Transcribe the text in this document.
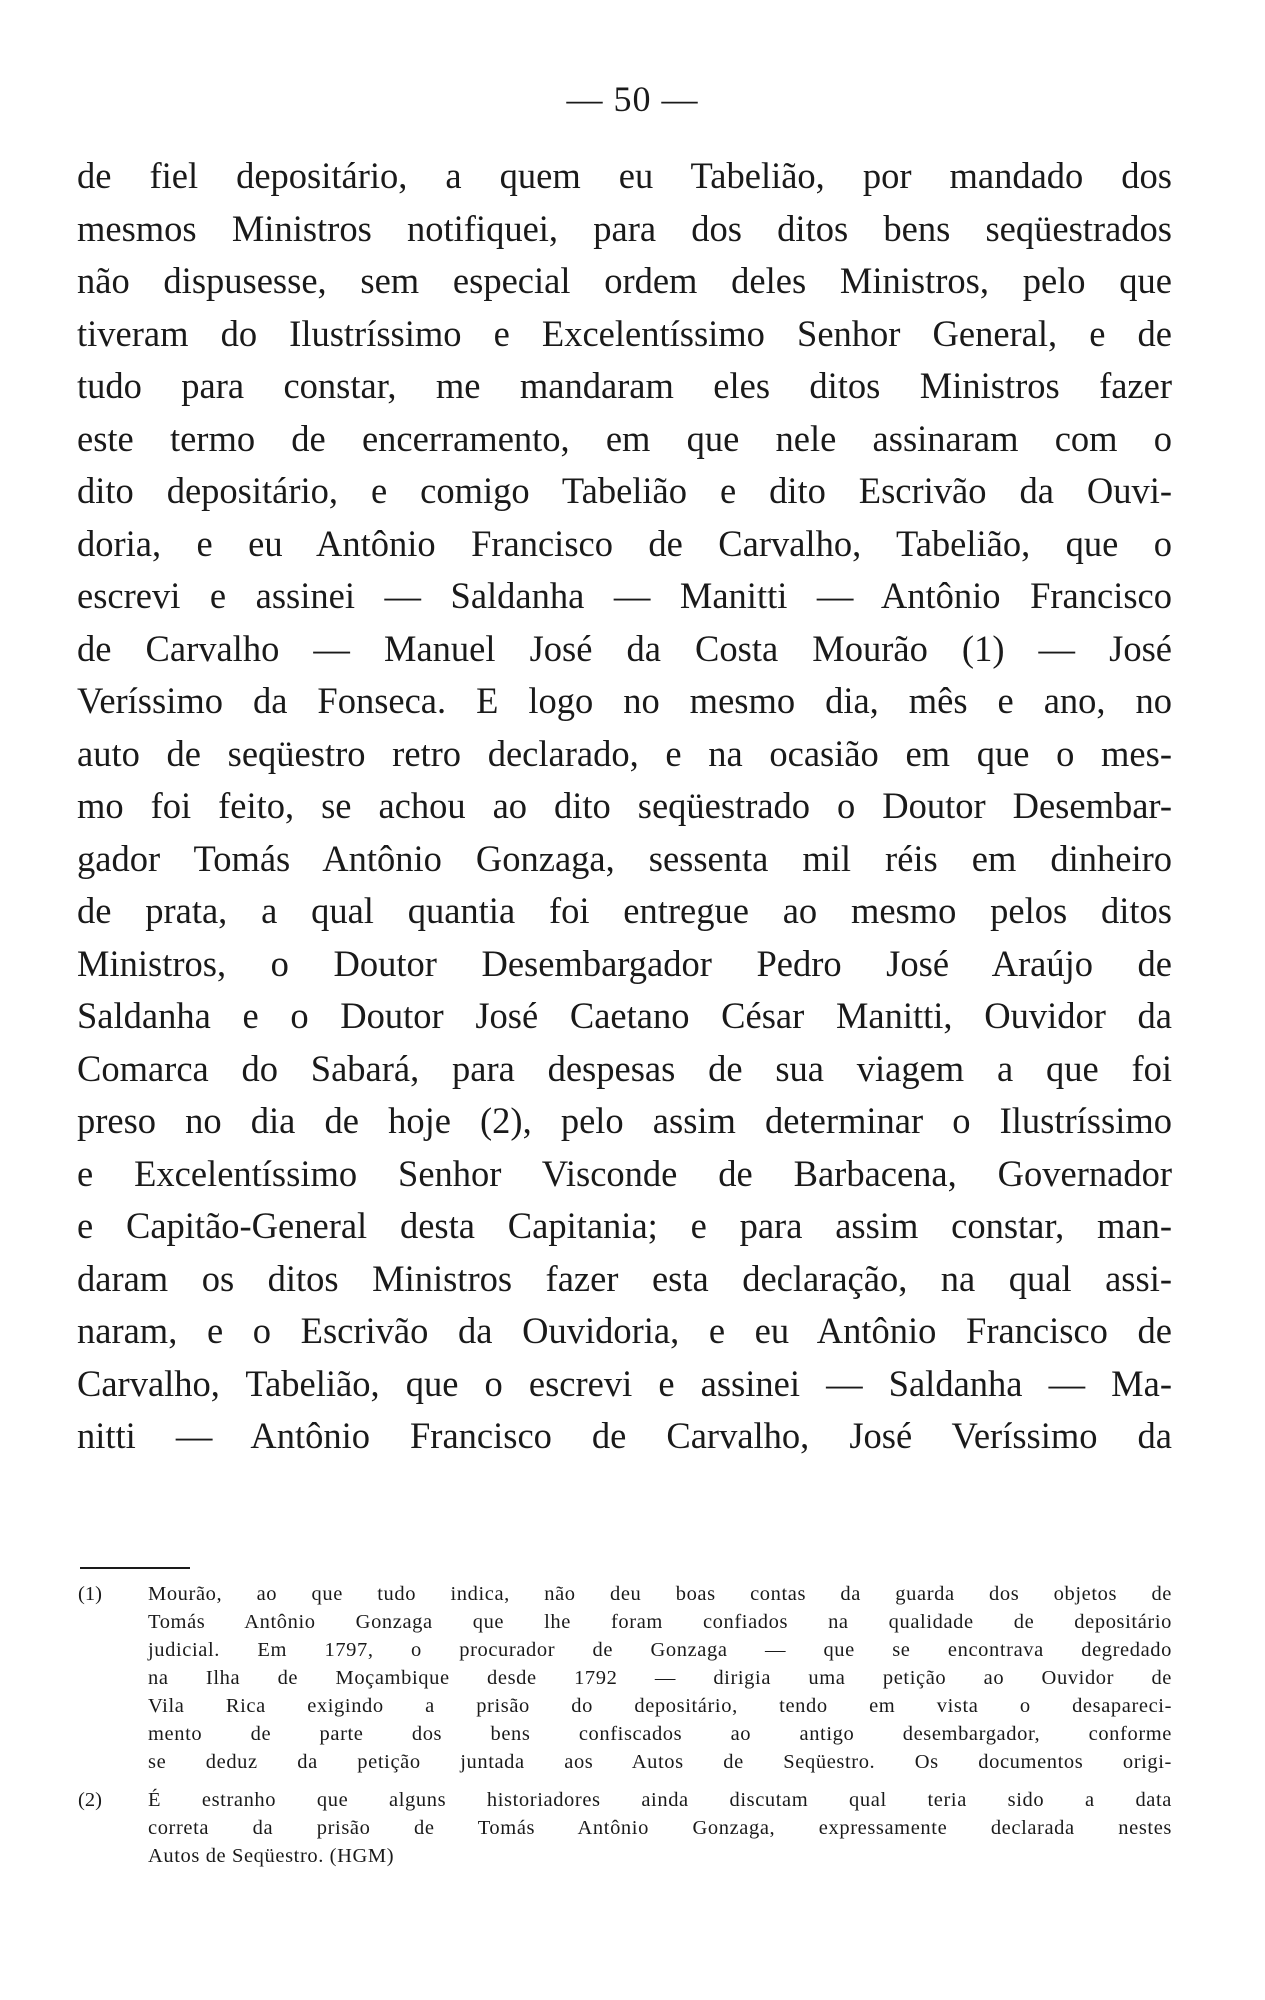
— 50 —
de fiel depositário, a quem eu Tabelião, por mandado dos
mesmos Ministros notifiquei, para dos ditos bens seqüestrados
não dispusesse, sem especial ordem deles Ministros, pelo que
tiveram do Ilustríssimo e Excelentíssimo Senhor General, e de
tudo para constar, me mandaram eles ditos Ministros fazer
este termo de encerramento, em que nele assinaram com o
dito depositário, e comigo Tabelião e dito Escrivão da Ouvi-
doria, e eu Antônio Francisco de Carvalho, Tabelião, que o
escrevi e assinei — Saldanha — Manitti — Antônio Francisco
de Carvalho — Manuel José da Costa Mourão (1) — José
Veríssimo da Fonseca. E logo no mesmo dia, mês e ano, no
auto de seqüestro retro declarado, e na ocasião em que o mes-
mo foi feito, se achou ao dito seqüestrado o Doutor Desembar-
gador Tomás Antônio Gonzaga, sessenta mil réis em dinheiro
de prata, a qual quantia foi entregue ao mesmo pelos ditos
Ministros, o Doutor Desembargador Pedro José Araújo de
Saldanha e o Doutor José Caetano César Manitti, Ouvidor da
Comarca do Sabará, para despesas de sua viagem a que foi
preso no dia de hoje (2), pelo assim determinar o Ilustríssimo
e Excelentíssimo Senhor Visconde de Barbacena, Governador
e Capitão-General desta Capitania; e para assim constar, man-
daram os ditos Ministros fazer esta declaração, na qual assi-
naram, e o Escrivão da Ouvidoria, e eu Antônio Francisco de
Carvalho, Tabelião, que o escrevi e assinei — Saldanha — Ma-
nitti — Antônio Francisco de Carvalho, José Veríssimo da
(1)	Mourão, ao que tudo indica, não deu boas contas da guarda dos objetos de
Tomás Antônio Gonzaga que lhe foram confiados na qualidade de depositário
judicial. Em 1797, o procurador de Gonzaga — que se encontrava degredado
na Ilha de Moçambique desde 1792 — dirigia uma petição ao Ouvidor de
Vila Rica exigindo a prisão do depositário, tendo em vista o desapareci-
mento de parte dos bens confiscados ao antigo desembargador, conforme
se deduz da petição juntada aos Autos de Seqüestro. Os documentos origi-
(2)	É estranho que alguns historiadores ainda discutam qual teria sido a data
correta da prisão de Tomás Antônio Gonzaga, expressamente declarada nestes
Autos de Seqüestro. (HGM)
